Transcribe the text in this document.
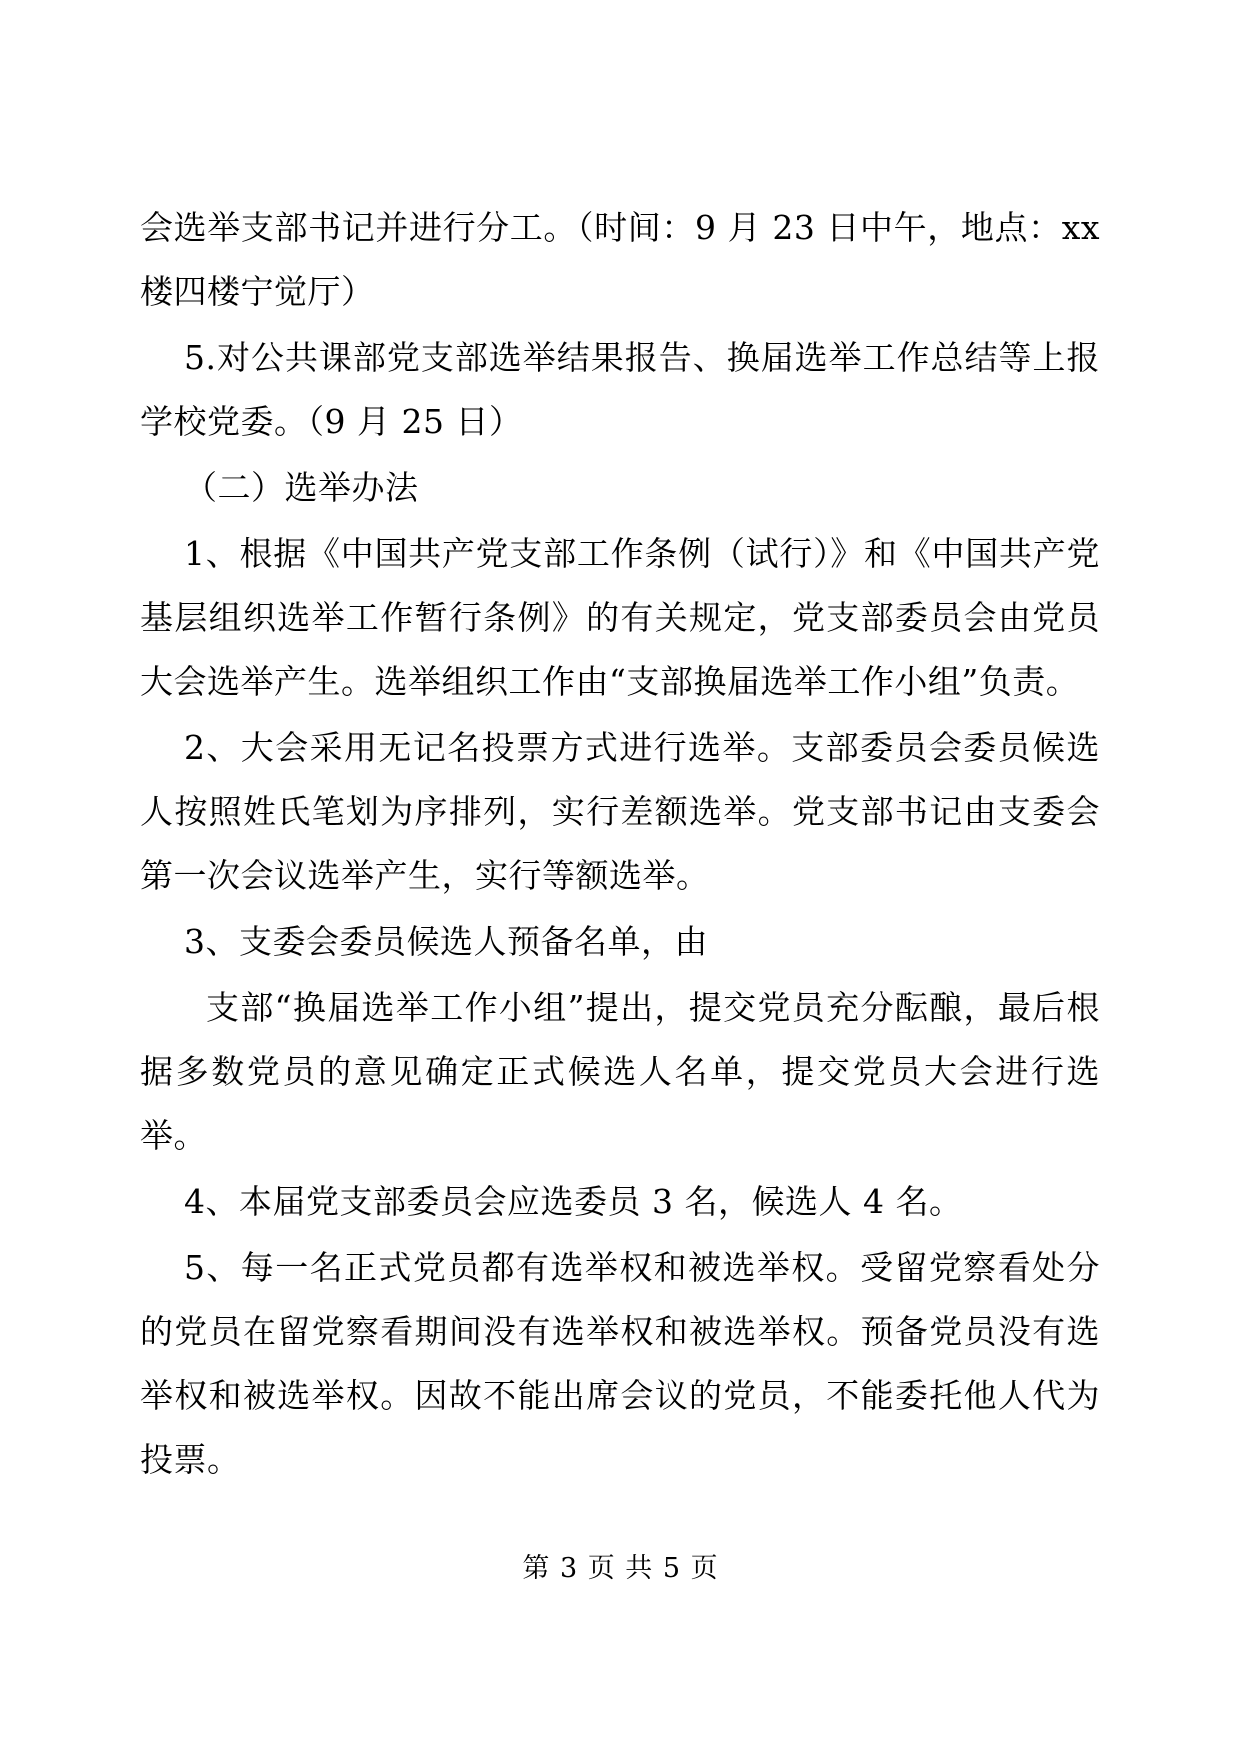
会选举支部书记并进行分工。（时间：9 月 23 日中午，地点：xx 楼四楼宁觉厅）

5.对公共课部党支部选举结果报告、换届选举工作总结等上报学校党委。（9 月 25 日）

（二）选举办法

1、根据《中国共产党支部工作条例（试行）》和《中国共产党基层组织选举工作暂行条例》的有关规定，党支部委员会由党员大会选举产生。选举组织工作由“支部换届选举工作小组”负责。

2、大会采用无记名投票方式进行选举。支部委员会委员候选人按照姓氏笔划为序排列，实行差额选举。党支部书记由支委会第一次会议选举产生，实行等额选举。

3、支委会委员候选人预备名单，由

支部“换届选举工作小组”提出，提交党员充分酝酿，最后根据多数党员的意见确定正式候选人名单，提交党员大会进行选举。

4、本届党支部委员会应选委员 3 名，候选人 4 名。

5、每一名正式党员都有选举权和被选举权。受留党察看处分的党员在留党察看期间没有选举权和被选举权。预备党员没有选举权和被选举权。因故不能出席会议的党员，不能委托他人代为投票。

第 3 页 共 5 页
